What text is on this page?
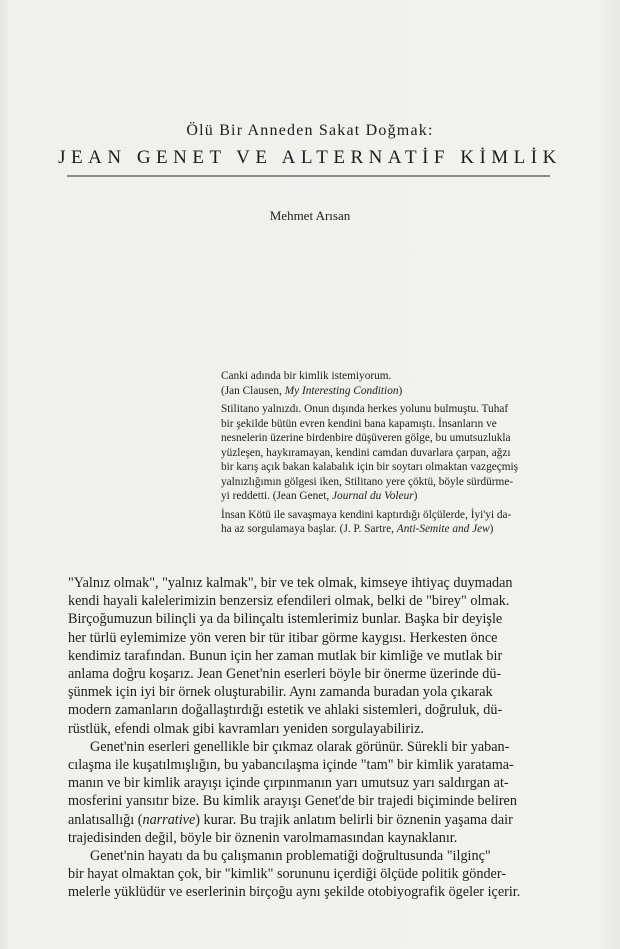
Ölü Bir Anneden Sakat Doğmak:
JEAN GENET VE ALTERNATİF KİMLİK
Mehmet Arısan

Canki adında bir kimlik istemiyorum.

(Jan Clausen, My Interesting Condition)

Stilitano yalnızdı. Onun dışında herkes yolunu bulmuştu. Tuhaf

bir şekilde bütün evren kendini bana kapamıştı. İnsanların ve

nesnelerin üzerine birdenbire düşüveren gölge, bu umutsuzlukla

yüzleşen, haykıramayan, kendini camdan duvarlara çarpan, ağzı

bir karış açık bakan kalabalık için bir soytarı olmaktan vazgeçmiş

yalnızlığımın gölgesi iken, Stilitano yere çöktü, böyle sürdürme-

yi reddetti. (Jean Genet, Journal du Voleur)

İnsan Kötü ile savaşmaya kendini kaptırdığı ölçülerde, İyi'yi da-

ha az sorgulamaya başlar. (J. P. Sartre, Anti-Semite and Jew)

"Yalnız olmak", "yalnız kalmak", bir ve tek olmak, kimseye ihtiyaç duymadan

kendi hayali kalelerimizin benzersiz efendileri olmak, belki de "birey" olmak.

Birçoğumuzun bilinçli ya da bilinçaltı istemlerimiz bunlar. Başka bir deyişle

her türlü eylemimize yön veren bir tür itibar görme kaygısı. Herkesten önce

kendimiz tarafından. Bunun için her zaman mutlak bir kimliğe ve mutlak bir

anlama doğru koşarız. Jean Genet'nin eserleri böyle bir önerme üzerinde dü-

şünmek için iyi bir örnek oluşturabilir. Aynı zamanda buradan yola çıkarak

modern zamanların doğallaştırdığı estetik ve ahlaki sistemleri, doğruluk, dü-

rüstlük, efendi olmak gibi kavramları yeniden sorgulayabiliriz.

Genet'nin eserleri genellikle bir çıkmaz olarak görünür. Sürekli bir yaban-

cılaşma ile kuşatılmışlığın, bu yabancılaşma içinde "tam" bir kimlik yaratama-

manın ve bir kimlik arayışı içinde çırpınmanın yarı umutsuz yarı saldırgan at-

mosferini yansıtır bize. Bu kimlik arayışı Genet'de bir trajedi biçiminde beliren

anlatısallığı (narrative) kurar. Bu trajik anlatım belirli bir öznenin yaşama dair

trajedisinden değil, böyle bir öznenin varolmamasından kaynaklanır.

Genet'nin hayatı da bu çalışmanın problematiği doğrultusunda "ilginç"

bir hayat olmaktan çok, bir "kimlik" sorununu içerdiği ölçüde politik gönder-

melerle yüklüdür ve eserlerinin birçoğu aynı şekilde otobiyografik ögeler içerir.
